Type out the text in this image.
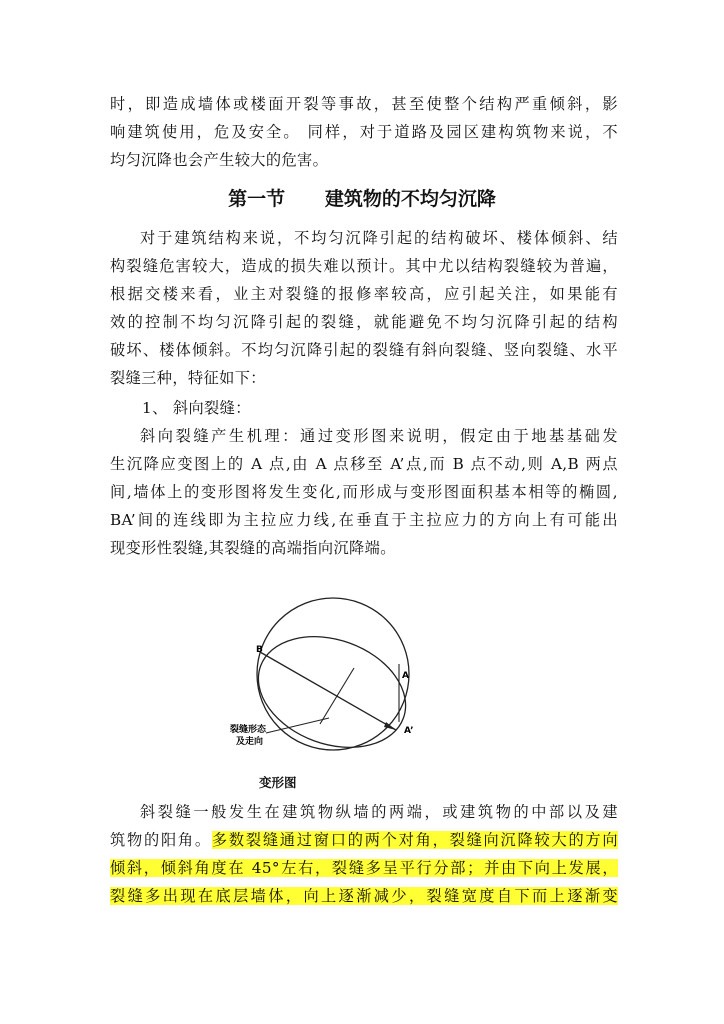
时，即造成墙体或楼面开裂等事故，甚至使整个结构严重倾斜，影
响建筑使用，危及安全。 同样，对于道路及园区建构筑物来说，不
均匀沉降也会产生较大的危害。
第一节      建筑物的不均匀沉降
对于建筑结构来说，不均匀沉降引起的结构破坏、楼体倾斜、结
构裂缝危害较大，造成的损失难以预计。其中尤以结构裂缝较为普遍，
根据交楼来看，业主对裂缝的报修率较高，应引起关注，如果能有
效的控制不均匀沉降引起的裂缝，就能避免不均匀沉降引起的结构
破坏、楼体倾斜。不均匀沉降引起的裂缝有斜向裂缝、竖向裂缝、水平
裂缝三种，特征如下：
1、 斜向裂缝：
斜向裂缝产生机理：通过变形图来说明，假定由于地基基础发
生沉降应变图上的 A 点,由 A 点移至 A’点,而 B 点不动,则 A,B 两点
间,墙体上的变形图将发生变化,而形成与变形图面积基本相等的椭圆,
BA’间的连线即为主拉应力线,在垂直于主拉应力的方向上有可能出
现变形性裂缝,其裂缝的高端指向沉降端。
B
A
A’
裂缝形态
及走向
变形图
斜裂缝一般发生在建筑物纵墙的两端，或建筑物的中部以及建
筑物的阳角。多数裂缝通过窗口的两个对角，裂缝向沉降较大的方向
倾斜，倾斜角度在 45°左右，裂缝多呈平行分部；并由下向上发展，
裂缝多出现在底层墙体，向上逐渐减少，裂缝宽度自下而上逐渐变
